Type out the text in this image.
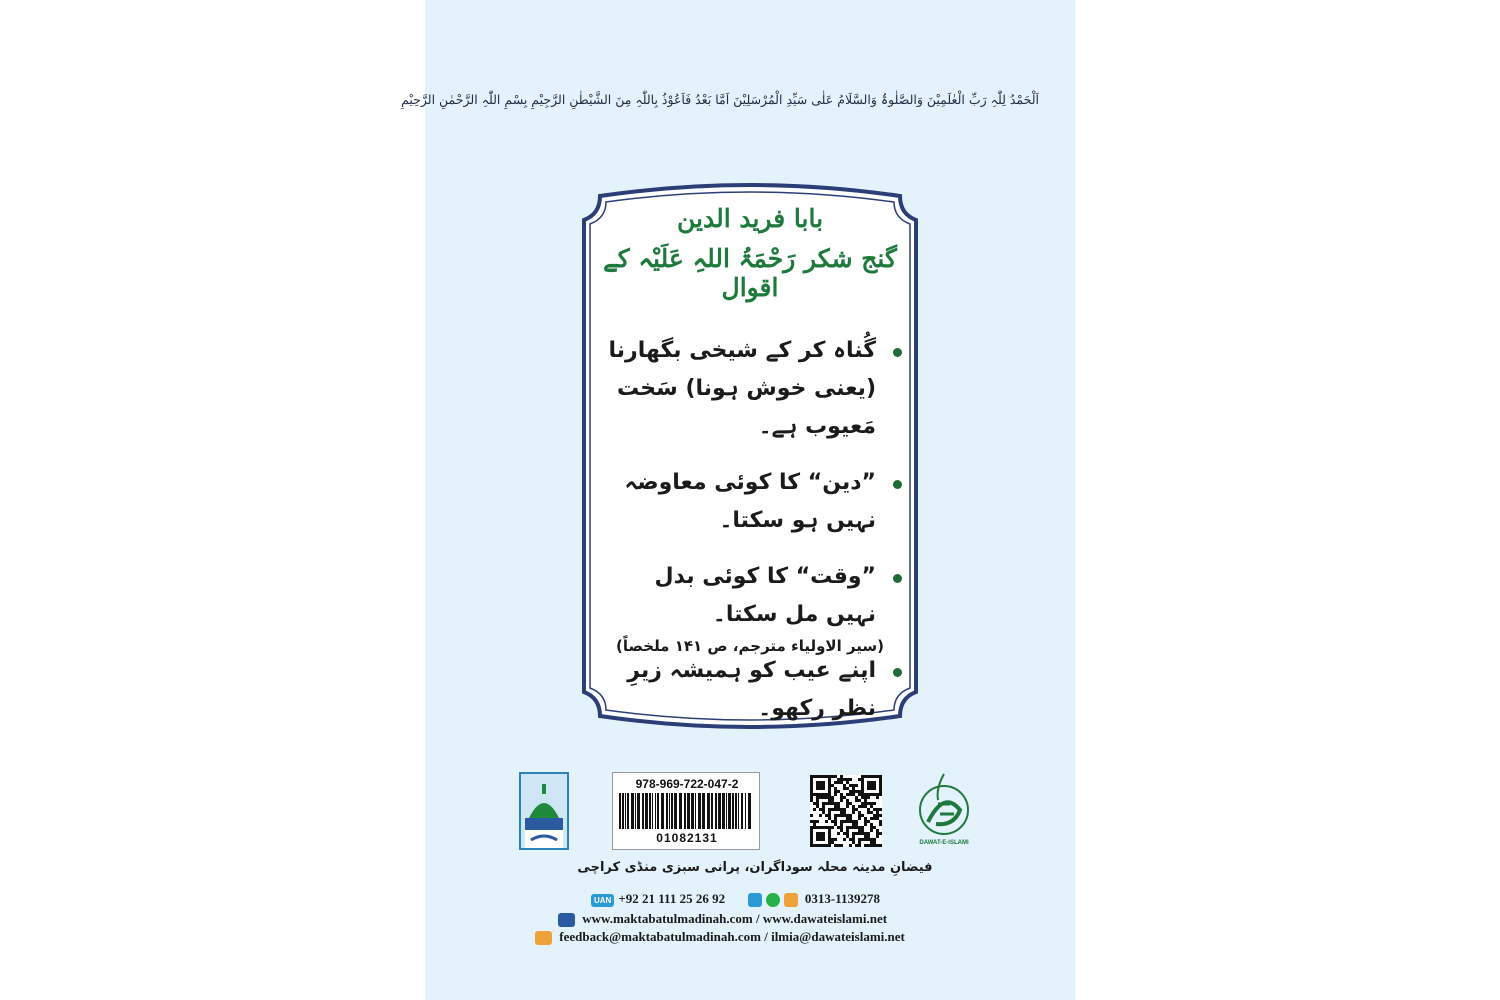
اَلْحَمْدُ لِلّٰہِ رَبِّ الْعٰلَمِیْنَ وَالصَّلٰوۃُ وَالسَّلَامُ عَلٰی سَیِّدِ الْمُرْسَلِیْنَ اَمَّا بَعْدُ فَاَعُوْذُ بِاللّٰہِ مِنَ الشَّیْطٰنِ الرَّجِیْمِ بِسْمِ اللّٰہِ الرَّحْمٰنِ الرَّحِیْمِ
بابا فرید الدین
گنج شکر رَحْمَۃُ اللہِ عَلَیْہ کے اقوال
گُناہ کر کے شیخی بگھارنا (یعنی خوش ہونا) سَخت مَعیوب ہے۔
”دین“ کا کوئی معاوضہ نہیں ہو سکتا۔
”وقت“ کا کوئی بدل نہیں مل سکتا۔
اپنے عیب کو ہمیشہ زیرِ نظر رکھو۔
(سیر الاولیاء مترجم، ص ۱۴۱ ملخصاً)
978-969-722-047-2
01082131	DAWAT-E-ISLAMI
فیضانِ مدینہ محلہ سوداگران، پرانی سبزی منڈی کراچی
UAN +92 21 111 25 26 92	0313-1139278
www.maktabatulmadinah.com / www.dawateislami.net
feedback@maktabatulmadinah.com / ilmia@dawateislami.net
